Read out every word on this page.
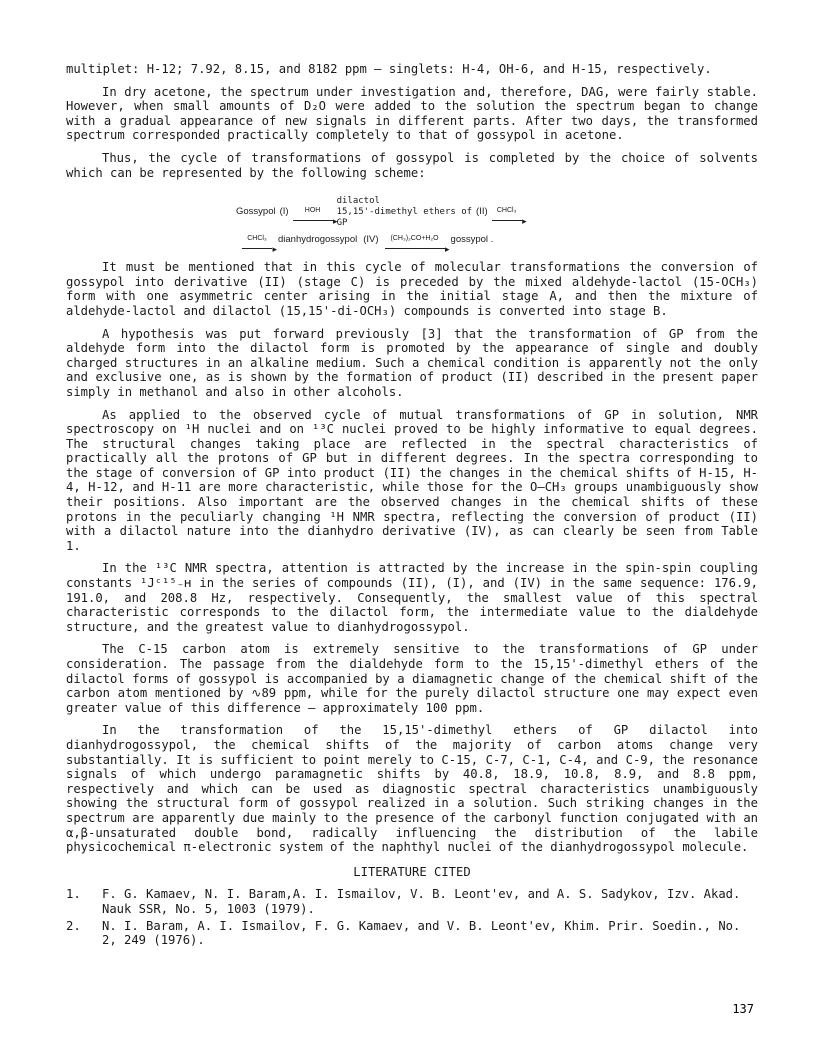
multiplet: H-12; 7.92, 8.15, and 8182 ppm – singlets: H-4, OH-6, and H-15, respectively.

In dry acetone, the spectrum under investigation and, therefore, DAG, were fairly stable. However, when small amounts of D₂O were added to the solution the spectrum began to change with a gradual appearance of new signals in different parts. After two days, the transformed spectrum corresponded practically completely to that of gossypol in acetone.

Thus, the cycle of transformations of gossypol is completed by the choice of solvents which can be represented by the following scheme:

Gossypol (I) HOH
▸
dilactol
15,15'-dimethyl ethers of
GP
(II) CHCl₃
▸
CHCl₃
▸ dianhydrogossypol (IV) (CH₃)₂CO+H₂O
▸ gossypol .

It must be mentioned that in this cycle of molecular transformations the conversion of gossypol into derivative (II) (stage C) is preceded by the mixed aldehyde-lactol (15-OCH₃) form with one asymmetric center arising in the initial stage A, and then the mixture of aldehyde-lactol and dilactol (15,15'-di-OCH₃) compounds is converted into stage B.

A hypothesis was put forward previously [3] that the transformation of GP from the aldehyde form into the dilactol form is promoted by the appearance of single and doubly charged structures in an alkaline medium. Such a chemical condition is apparently not the only and exclusive one, as is shown by the formation of product (II) described in the present paper simply in methanol and also in other alcohols.

As applied to the observed cycle of mutual transformations of GP in solution, NMR spectroscopy on ¹H nuclei and on ¹³C nuclei proved to be highly informative to equal degrees. The structural changes taking place are reflected in the spectral characteristics of practically all the protons of GP but in different degrees. In the spectra corresponding to the stage of conversion of GP into product (II) the changes in the chemical shifts of H-15, H-4, H-12, and H-11 are more characteristic, while those for the O–CH₃ groups unambiguously show their positions. Also important are the observed changes in the chemical shifts of these protons in the peculiarly changing ¹H NMR spectra, reflecting the conversion of product (II) with a dilactol nature into the dianhydro derivative (IV), as can clearly be seen from Table 1.

In the ¹³C NMR spectra, attention is attracted by the increase in the spin-spin coupling constants ¹Jᶜ¹⁵₋ʜ in the series of compounds (II), (I), and (IV) in the same sequence: 176.9, 191.0, and 208.8 Hz, respectively. Consequently, the smallest value of this spectral characteristic corresponds to the dilactol form, the intermediate value to the dialdehyde structure, and the greatest value to dianhydrogossypol.

The C-15 carbon atom is extremely sensitive to the transformations of GP under consideration. The passage from the dialdehyde form to the 15,15'-dimethyl ethers of the dilactol forms of gossypol is accompanied by a diamagnetic change of the chemical shift of the carbon atom mentioned by ∿89 ppm, while for the purely dilactol structure one may expect even greater value of this difference – approximately 100 ppm.

In the transformation of the 15,15'-dimethyl ethers of GP dilactol into dianhydrogossypol, the chemical shifts of the majority of carbon atoms change very substantially. It is sufficient to point merely to C-15, C-7, C-1, C-4, and C-9, the resonance signals of which undergo paramagnetic shifts by 40.8, 18.9, 10.8, 8.9, and 8.8 ppm, respectively and which can be used as diagnostic spectral characteristics unambiguously showing the structural form of gossypol realized in a solution. Such striking changes in the spectrum are apparently due mainly to the presence of the carbonyl function conjugated with an α,β-unsaturated double bond, radically influencing the distribution of the labile physicochemical π-electronic system of the naphthyl nuclei of the dianhydrogossypol molecule.

LITERATURE CITED
1.	F. G. Kamaev, N. I. Baram,A. I. Ismailov, V. B. Leont'ev, and A. S. Sadykov, Izv. Akad. Nauk SSR, No. 5, 1003 (1979).
2.	N. I. Baram, A. I. Ismailov, F. G. Kamaev, and V. B. Leont'ev, Khim. Prir. Soedin., No. 2, 249 (1976).
137
